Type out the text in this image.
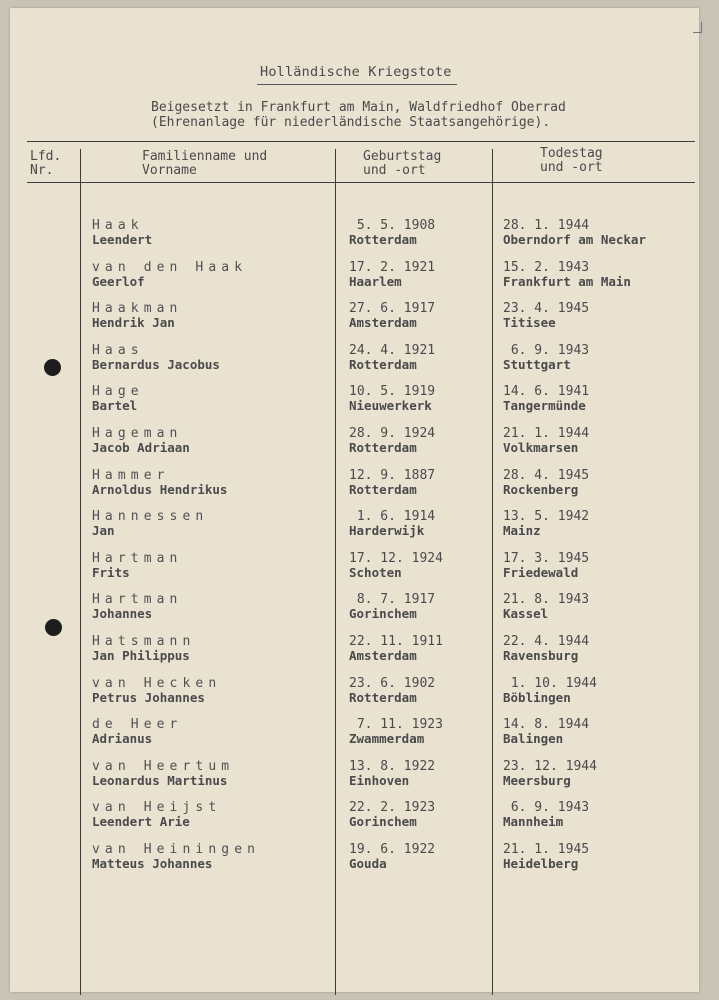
Holländische Kriegstote
Beigesetzt in Frankfurt am Main, Waldfriedhof Oberrad
(Ehrenanlage für niederländische Staatsangehörige).
Lfd.
Nr.
Familienname und
Vorname
Geburtstag
und -ort
Todestag
und -ort
Haak
Leendert
5. 5. 1908
Rotterdam
28. 1. 1944
Oberndorf am Neckar
van den Haak
Geerlof
17. 2. 1921
Haarlem
15. 2. 1943
Frankfurt am Main
Haakman
Hendrik Jan
27. 6. 1917
Amsterdam
23. 4. 1945
Titisee
Haas
Bernardus Jacobus
24. 4. 1921
Rotterdam
6. 9. 1943
Stuttgart
Hage
Bartel
10. 5. 1919
Nieuwerkerk
14. 6. 1941
Tangermünde
Hageman
Jacob Adriaan
28. 9. 1924
Rotterdam
21. 1. 1944
Volkmarsen
Hammer
Arnoldus Hendrikus
12. 9. 1887
Rotterdam
28. 4. 1945
Rockenberg
Hannessen
Jan
1. 6. 1914
Harderwijk
13. 5. 1942
Mainz
Hartman
Frits
17. 12. 1924
Schoten
17. 3. 1945
Friedewald
Hartman
Johannes
8. 7. 1917
Gorinchem
21. 8. 1943
Kassel
Hatsmann
Jan Philippus
22. 11. 1911
Amsterdam
22. 4. 1944
Ravensburg
van Hecken
Petrus Johannes
23. 6. 1902
Rotterdam
1. 10. 1944
Böblingen
de Heer
Adrianus
7. 11. 1923
Zwammerdam
14. 8. 1944
Balingen
van Heertum
Leonardus Martinus
13. 8. 1922
Einhoven
23. 12. 1944
Meersburg
van Heijst
Leendert Arie
22. 2. 1923
Gorinchem
6. 9. 1943
Mannheim
van Heiningen
Matteus Johannes
19. 6. 1922
Gouda
21. 1. 1945
Heidelberg
